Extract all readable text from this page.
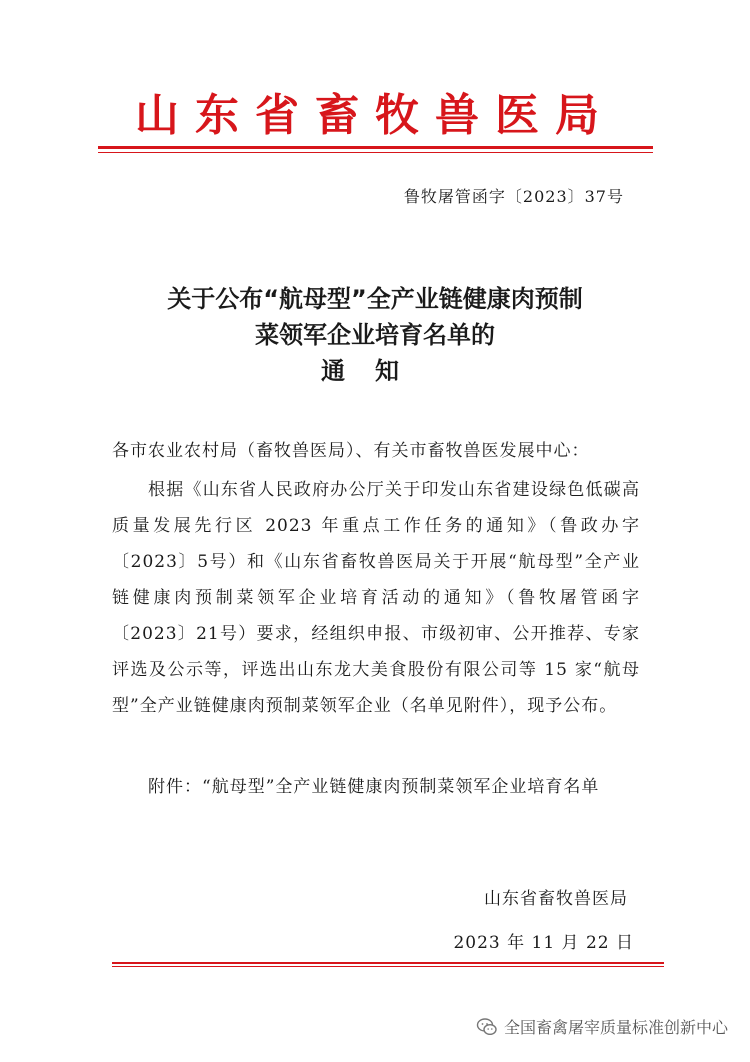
山东省畜牧兽医局
鲁牧屠管函字〔2023〕37号
关于公布“航母型”全产业链健康肉预制
菜领军企业培育名单的
通知
各市农业农村局（畜牧兽医局）、有关市畜牧兽医发展中心：
根据《山东省人民政府办公厅关于印发山东省建设绿色低碳高质量发展先行区 2023 年重点工作任务的通知》（鲁政办字〔2023〕5号）和《山东省畜牧兽医局关于开展“航母型”全产业链健康肉预制菜领军企业培育活动的通知》（鲁牧屠管函字〔2023〕21号）要求，经组织申报、市级初审、公开推荐、专家评选及公示等，评选出山东龙大美食股份有限公司等 15 家“航母型”全产业链健康肉预制菜领军企业（名单见附件），现予公布。
附件：“航母型”全产业链健康肉预制菜领军企业培育名单
山东省畜牧兽医局
2023 年 11 月 22 日
全国畜禽屠宰质量标准创新中心
